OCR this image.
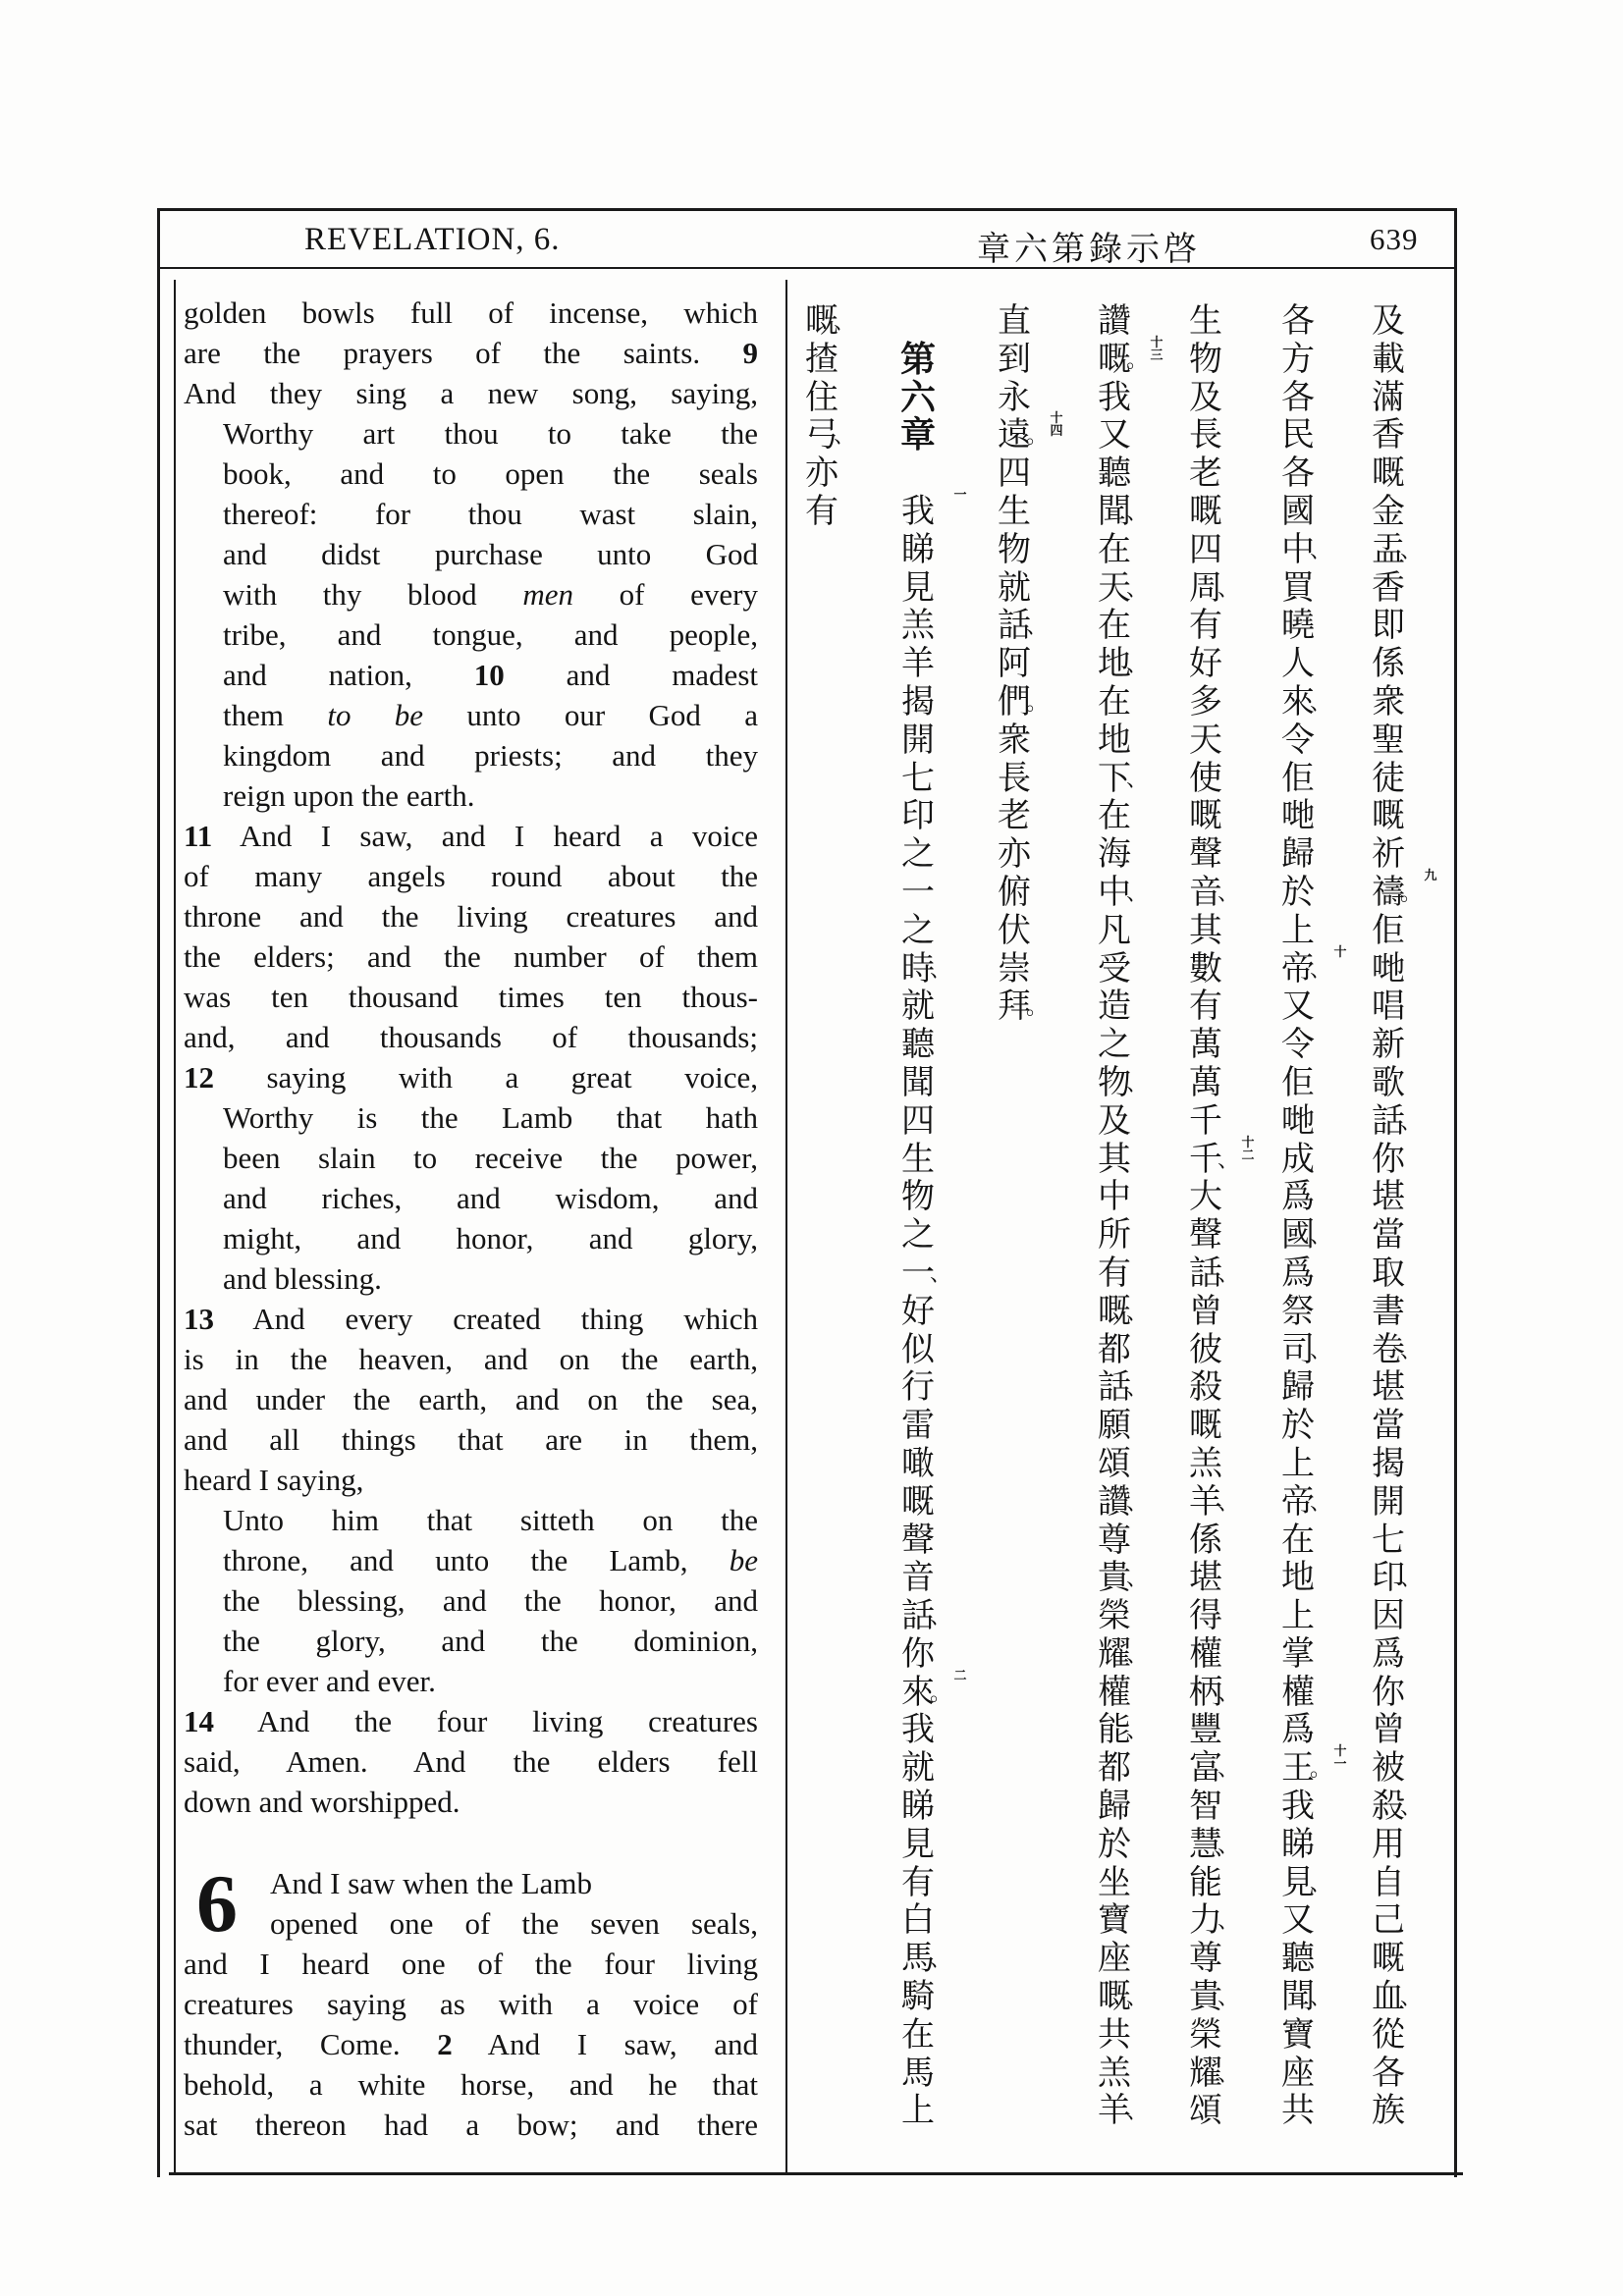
REVELATION, 6.	章六第錄示啓	639
golden bowls full of incense, which
are the prayers of the saints. 9
And they sing a new song, saying,
Worthy art thou to take the
book, and to open the seals
thereof: for thou wast slain,
and didst purchase unto God
with thy blood men of every
tribe, and tongue, and people,
and nation, 10 and madest
them to be unto our God a
kingdom and priests; and they
reign upon the earth.
11 And I saw, and I heard a voice
of many angels round about the
throne and the living creatures and
the elders; and the number of them
was ten thousand times ten thous-
and, and thousands of thousands;
12 saying with a great voice,
Worthy is the Lamb that hath
been slain to receive the power,
and riches, and wisdom, and
might, and honor, and glory,
and blessing.
13 And every created thing which
is in the heaven, and on the earth,
and under the earth, and on the sea,
and all things that are in them,
heard I saying,
Unto him that sitteth on the
throne, and unto the Lamb, be
the blessing, and the honor, and
the glory, and the dominion,
for ever and ever.
14 And the four living creatures
said, Amen. And the elders fell
down and worshipped.
And I saw when the Lamb
opened one of the seven seals,
and I heard one of the four living
creatures saying as with a voice of
thunder, Come. 2 And I saw, and
behold, a white horse, and he that
sat thereon had a bow; and there
6
及
載
滿
香
嘅
金
盂
、
香
即
係
衆
聖
徒
嘅
祈
禱
。
九
佢
哋
唱
新
歌
話
、
你
堪
當
取
書
卷
、
堪
當
揭
開
七
印
、
因
爲
你
曾
被
殺
、
用
自
己
嘅
血
、
從
各
族
各
方
各
民
各
國
中
、
買
曉
人
來
、
令
佢
哋
歸
於
上
帝
、
十
又
令
佢
哋
成
爲
國
、
爲
祭
司
、
歸
於
上
帝
、
在
地
上
掌
權
爲
王
。
十一
我
睇
見
、
又
聽
聞
、
寶
座
共
生
物
及
長
老
嘅
四
周
、
有
好
多
天
使
嘅
聲
音
、
其
數
有
萬
萬
千
千
、
十二
大
聲
話
、
曾
彼
殺
嘅
羔
羊
、
係
堪
得
權
柄
、
豐
富
、
智
慧
、
能
力
、
尊
貴
、
榮
耀
、
頌
讚
嘅
。
十三
我
又
聽
聞
、
在
天
、
在
地
、
在
地
下
、
在
海
中
、
凡
受
造
之
物
、
及
其
中
所
有
嘅
、
都
話
、
願
頌
讚
、
尊
貴
、
榮
耀
、
權
能
、
都
歸
於
坐
寶
座
嘅
、
共
羔
羊
、
直
到
永
遠
。
十四
四
生
物
就
話
、
阿
們
。
衆
長
老
亦
俯
伏
崇
拜
。
第
六
章
我 一
睇
見
羔
羊
揭
開
七
印
之
一
之
時
、
就
聽
聞
四
生
物
之
一
、
好
似
行
雷
噉
嘅
聲
音
話
、
你
來
。
二
我
就
睇
見
有
白
馬
、
騎
在
馬
上
嘅
、
揸
住
弓
、
亦
有
